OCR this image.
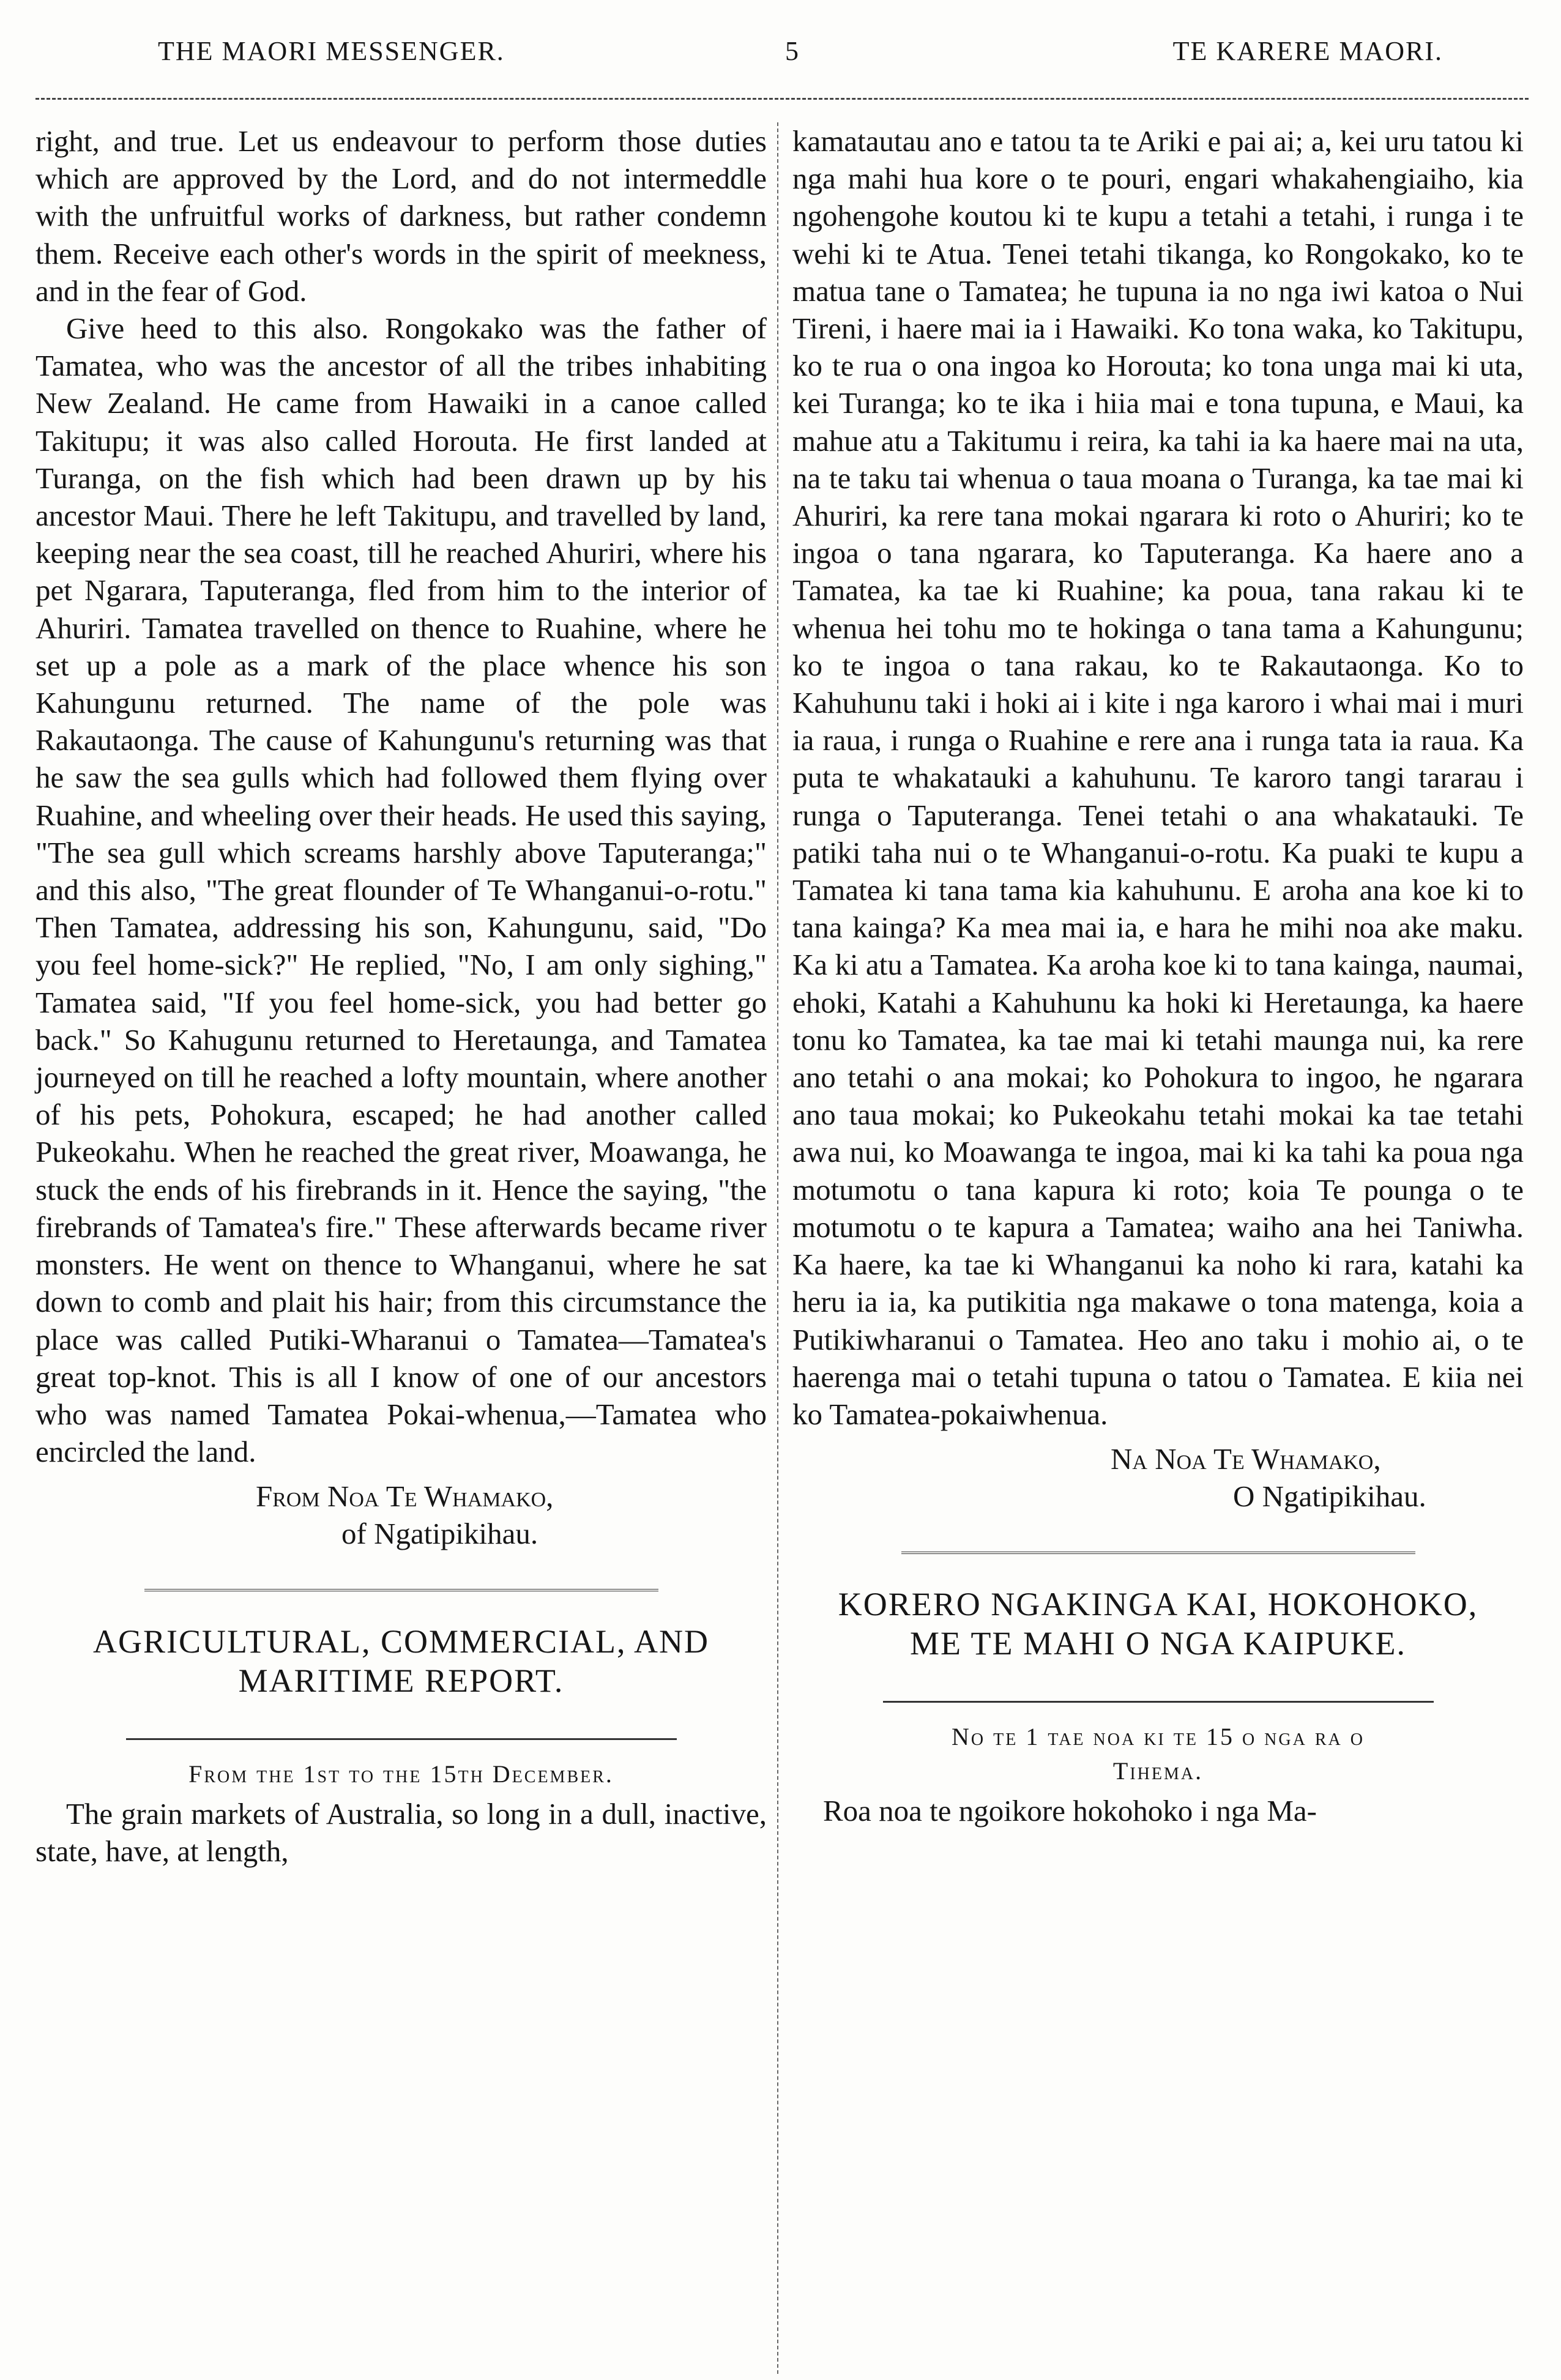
THE MAORI MESSENGER.	5	TE KARERE MAORI.

right, and true. Let us endeavour to perform those duties which are approved by the Lord, and do not intermeddle with the unfruitful works of darkness, but rather condemn them. Receive each other's words in the spirit of meekness, and in the fear of God.

Give heed to this also. Rongokako was the father of Tamatea, who was the ancestor of all the tribes inhabiting New Zealand. He came from Hawaiki in a canoe called Takitupu; it was also called Horouta. He first landed at Turanga, on the fish which had been drawn up by his ancestor Maui. There he left Takitupu, and travelled by land, keeping near the sea coast, till he reached Ahuriri, where his pet Ngarara, Taputeranga, fled from him to the interior of Ahuriri. Tamatea travelled on thence to Ruahine, where he set up a pole as a mark of the place whence his son Kahungunu returned. The name of the pole was Rakautaonga. The cause of Kahungunu's returning was that he saw the sea gulls which had followed them flying over Ruahine, and wheeling over their heads. He used this saying, "The sea gull which screams harshly above Taputeranga;" and this also, "The great flounder of Te Whanganui-o-rotu." Then Tamatea, addressing his son, Kahungunu, said, "Do you feel home-sick?" He replied, "No, I am only sighing," Tamatea said, "If you feel home-sick, you had better go back." So Kahugunu returned to Heretaunga, and Tamatea journeyed on till he reached a lofty mountain, where another of his pets, Pohokura, escaped; he had another called Pukeokahu. When he reached the great river, Moawanga, he stuck the ends of his firebrands in it. Hence the saying, "the firebrands of Tamatea's fire." These afterwards became river monsters. He went on thence to Whanganui, where he sat down to comb and plait his hair; from this circumstance the place was called Putiki-Wharanui o Tamatea—Tamatea's great top-knot. This is all I know of one of our ancestors who was named Tamatea Pokai-whenua,—Tamatea who encircled the land.

From Noa Te Whamako,
of Ngatipikihau.
AGRICULTURAL, COMMERCIAL, AND
MARITIME REPORT.

From the 1st to the 15th December.

The grain markets of Australia, so long in a dull, inactive, state, have, at length,

kamatautau ano e tatou ta te Ariki e pai ai; a, kei uru tatou ki nga mahi hua kore o te pouri, engari whakahengiaiho, kia ngohengohe koutou ki te kupu a tetahi a tetahi, i runga i te wehi ki te Atua. Tenei tetahi tikanga, ko Rongokako, ko te matua tane o Tamatea; he tupuna ia no nga iwi katoa o Nui Tireni, i haere mai ia i Hawaiki. Ko tona waka, ko Takitupu, ko te rua o ona ingoa ko Horouta; ko tona unga mai ki uta, kei Turanga; ko te ika i hiia mai e tona tupuna, e Maui, ka mahue atu a Takitumu i reira, ka tahi ia ka haere mai na uta, na te taku tai whenua o taua moana o Turanga, ka tae mai ki Ahuriri, ka rere tana mokai ngarara ki roto o Ahuriri; ko te ingoa o tana ngarara, ko Taputeranga. Ka haere ano a Tamatea, ka tae ki Ruahine; ka poua, tana rakau ki te whenua hei tohu mo te hokinga o tana tama a Kahungunu; ko te ingoa o tana rakau, ko te Rakautaonga. Ko to Kahuhunu taki i hoki ai i kite i nga karoro i whai mai i muri ia raua, i runga o Ruahine e rere ana i runga tata ia raua. Ka puta te whakatauki a kahuhunu. Te karoro tangi tararau i runga o Taputeranga. Tenei tetahi o ana whakatauki. Te patiki taha nui o te Whanganui-o-rotu. Ka puaki te kupu a Tamatea ki tana tama kia kahuhunu. E aroha ana koe ki to tana kainga? Ka mea mai ia, e hara he mihi noa ake maku. Ka ki atu a Tamatea. Ka aroha koe ki to tana kainga, naumai, ehoki, Katahi a Kahuhunu ka hoki ki Heretaunga, ka haere tonu ko Tamatea, ka tae mai ki tetahi maunga nui, ka rere ano tetahi o ana mokai; ko Pohokura to ingoo, he ngarara ano taua mokai; ko Pukeokahu tetahi mokai ka tae tetahi awa nui, ko Moawanga te ingoa, mai ki ka tahi ka poua nga motumotu o tana kapura ki roto; koia Te pounga o te motumotu o te kapura a Tamatea; waiho ana hei Taniwha. Ka haere, ka tae ki Whanganui ka noho ki rara, katahi ka heru ia ia, ka putikitia nga makawe o tona matenga, koia a Putikiwharanui o Tamatea. Heo ano taku i mohio ai, o te haerenga mai o tetahi tupuna o tatou o Tamatea. E kiia nei ko Tamatea-pokaiwhenua.

Na Noa Te Whamako,
O Ngatipikihau.
KORERO NGAKINGA KAI, HOKOHOKO,
ME TE MAHI O NGA KAIPUKE.

No te 1 tae noa ki te 15 o nga ra o
Tihema.

Roa noa te ngoikore hokohoko i nga Ma-
